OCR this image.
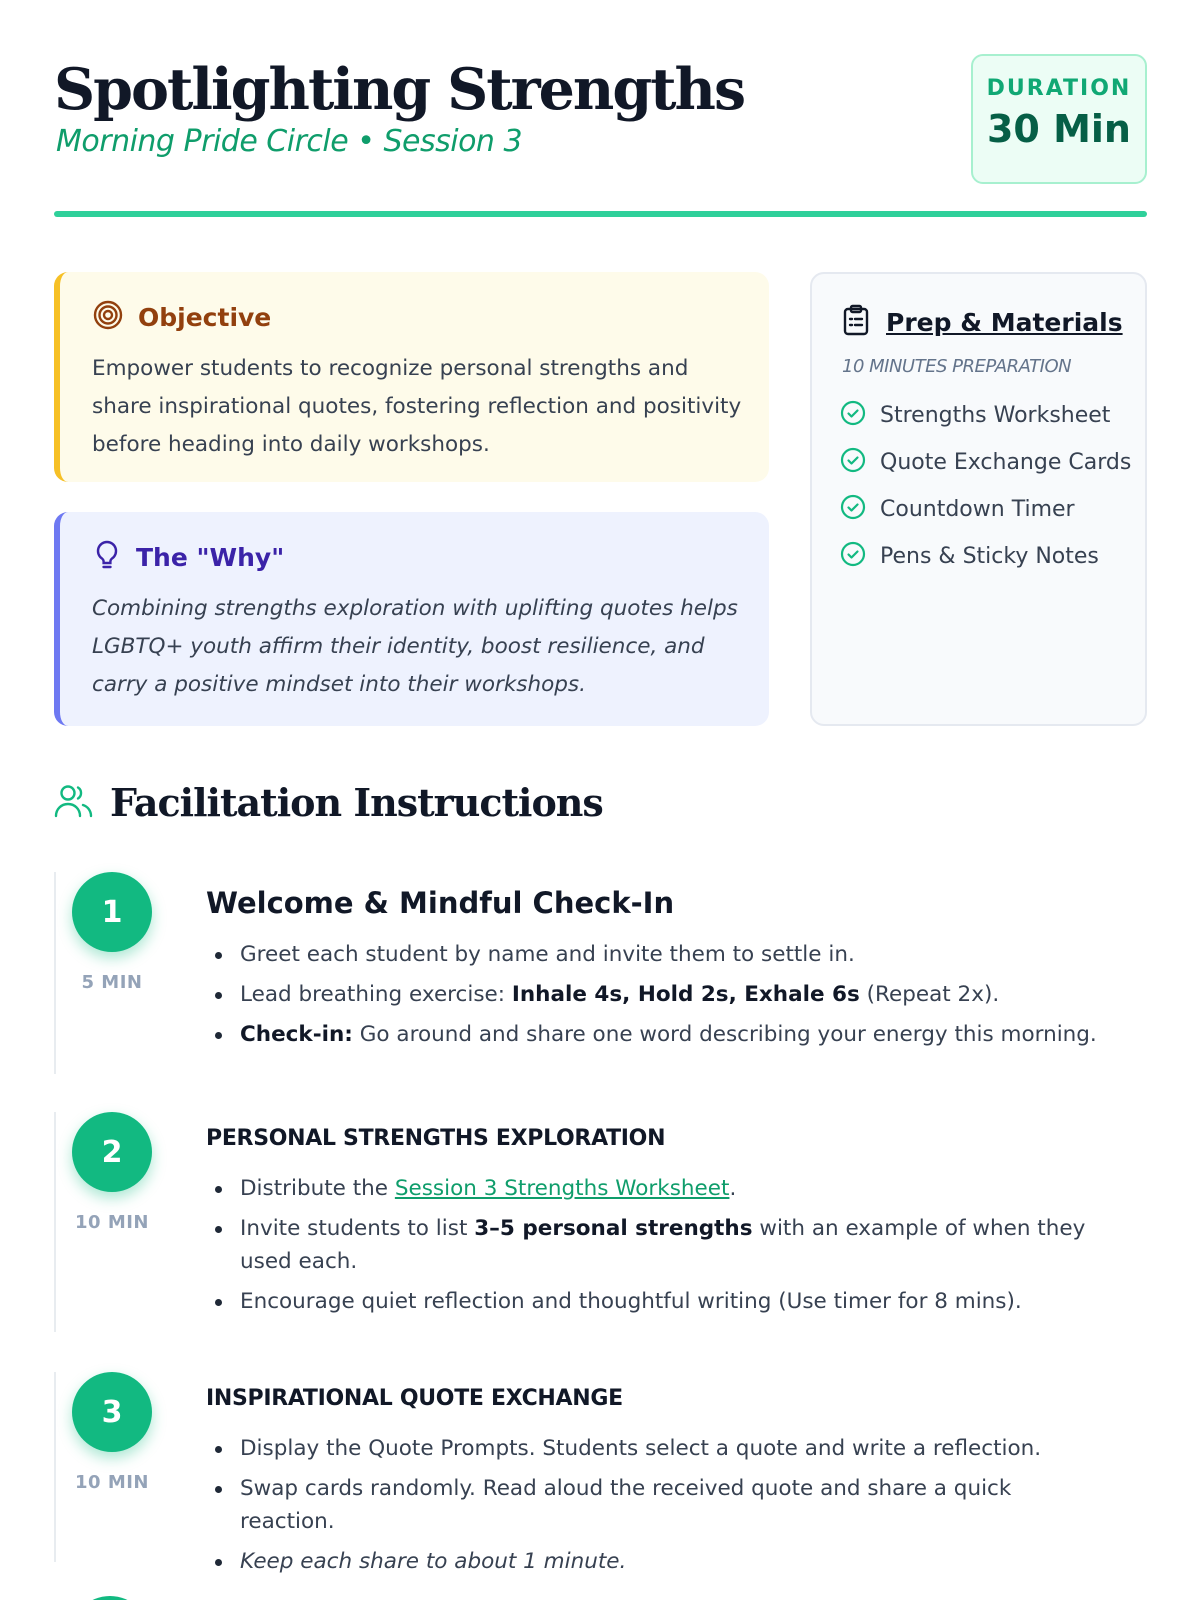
Spotlighting Strengths
Morning Pride Circle • Session 3
DURATION
30 Min
Objective

Empower students to recognize personal strengths and share inspirational quotes, fostering reflection and positivity before heading into daily workshops.

The "Why"

Combining strengths exploration with uplifting quotes helps LGBTQ+ youth affirm their identity, boost resilience, and carry a positive mindset into their workshops.

Prep & Materials
10 MINUTES PREPARATION
Strengths Worksheet
Quote Exchange Cards
Countdown Timer
Pens & Sticky Notes
Facilitation Instructions
1
5 MIN
Welcome & Mindful Check-In
Greet each student by name and invite them to settle in.
Lead breathing exercise: Inhale 4s, Hold 2s, Exhale 6s (Repeat 2x).
Check-in: Go around and share one word describing your energy this morning.
2
10 MIN
PERSONAL STRENGTHS EXPLORATION
Distribute the Session 3 Strengths Worksheet.
Invite students to list 3–5 personal strengths with an example of when they used each.
Encourage quiet reflection and thoughtful writing (Use timer for 8 mins).
3
10 MIN
INSPIRATIONAL QUOTE EXCHANGE
Display the Quote Prompts. Students select a quote and write a reflection.
Swap cards randomly. Read aloud the received quote and share a quick reaction.
Keep each share to about 1 minute.
